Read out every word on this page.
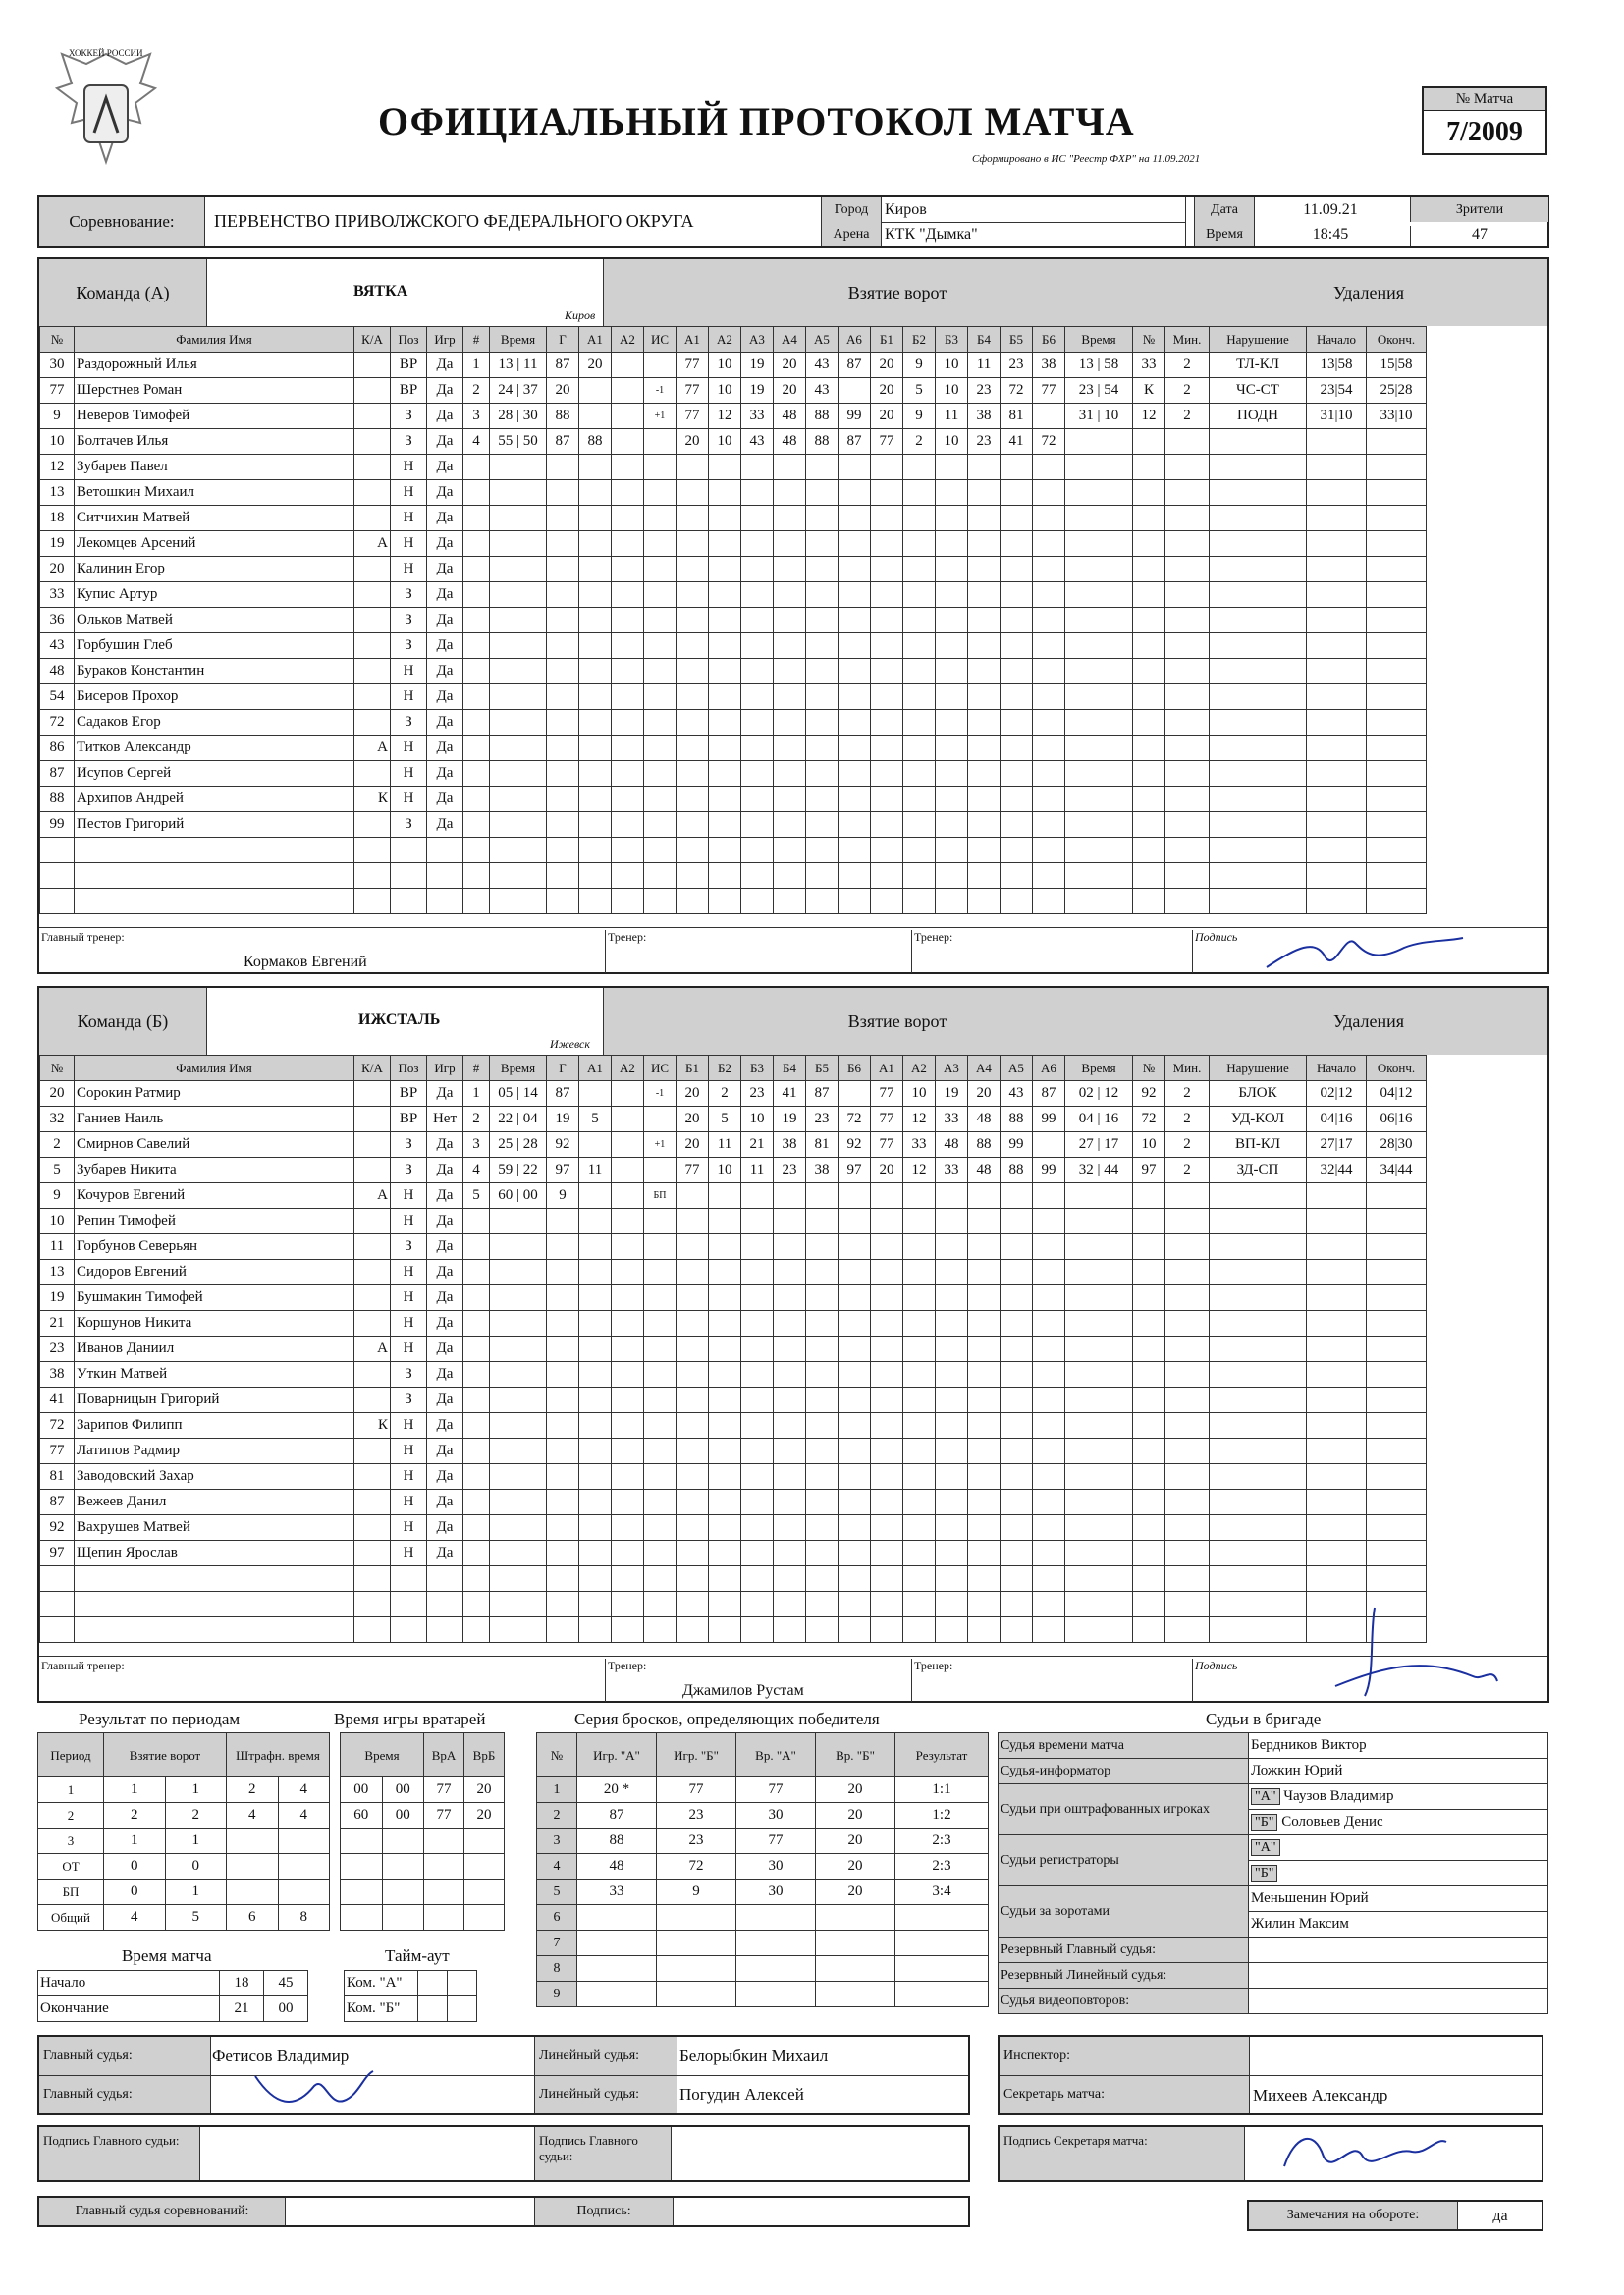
ХОККЕЙ РОССИИ
ОФИЦИАЛЬНЫЙ ПРОТОКОЛ МАТЧА
Сформировано в ИС "Реестр ФХР" на 11.09.2021
№ Матча
7/2009
Соревнование:	ПЕРВЕНСТВО ПРИВОЛЖСКОГО ФЕДЕРАЛЬНОГО ОКРУГА
Город	Киров
Арена КТК "Дымка"
Дата	11.09.21
Время	18:45
Зрители
47
Команда (А)	ВЯТКА
Киров
Взятие ворот	Удаления
№	Фамилия Имя	К/А	Поз	Игр	#	Время	Г	А1	А2	ИС	А1	А2	А3	А4	А5	А6	Б1	Б2	Б3	Б4	Б5	Б6	Время	№	Мин.	Нарушение	Начало	Оконч.
30	Раздорожный Илья		ВР	Да	1	13 | 11	87	20			77	10	19	20	43	87	20	9	10	11	23	38	13 | 58	33	2	ТЛ-КЛ	13|58	15|58
77	Шерстнев Роман		ВР	Да	2	24 | 37	20			-1	77	10	19	20	43		20	5	10	23	72	77	23 | 54	К	2	ЧС-СТ	23|54	25|28
9	Неверов Тимофей		З	Да	3	28 | 30	88			+1	77	12	33	48	88	99	20	9	11	38	81		31 | 10	12	2	ПОДН	31|10	33|10
10	Болтачев Илья		З	Да	4	55 | 50	87	88			20	10	43	48	88	87	77	2	10	23	41	72						
12	Зубарев Павел		Н	Да																								
13	Ветошкин Михаил		Н	Да																								
18	Ситчихин Матвей		Н	Да																								
19	Лекомцев Арсений	А	Н	Да																								
20	Калинин Егор		Н	Да																								
33	Купис Артур		З	Да																								
36	Ольков Матвей		З	Да																								
43	Горбушин Глеб		З	Да																								
48	Бураков Константин		Н	Да																								
54	Бисеров Прохор		Н	Да																								
72	Садаков Егор		З	Да																								
86	Титков Александр	А	Н	Да																								
87	Исупов Сергей		Н	Да																								
88	Архипов Андрей	К	Н	Да																								
99	Пестов Григорий		З	Да																								

Главный тренер:
Кормаков Евгений
Тренер:	Тренер:	Подпись
Команда (Б)	ИЖСТАЛЬ
Ижевск
Взятие ворот	Удаления
№	Фамилия Имя	К/А	Поз	Игр	#	Время	Г	А1	А2	ИС	Б1	Б2	Б3	Б4	Б5	Б6	А1	А2	А3	А4	А5	А6	Время	№	Мин.	Нарушение	Начало	Оконч.
20	Сорокин Ратмир		ВР	Да	1	05 | 14	87			-1	20	2	23	41	87		77	10	19	20	43	87	02 | 12	92	2	БЛОК	02|12	04|12
32	Ганиев Наиль		ВР	Нет	2	22 | 04	19	5			20	5	10	19	23	72	77	12	33	48	88	99	04 | 16	72	2	УД-КОЛ	04|16	06|16
2	Смирнов Савелий		З	Да	3	25 | 28	92			+1	20	11	21	38	81	92	77	33	48	88	99		27 | 17	10	2	ВП-КЛ	27|17	28|30
5	Зубарев Никита		З	Да	4	59 | 22	97	11			77	10	11	23	38	97	20	12	33	48	88	99	32 | 44	97	2	ЗД-СП	32|44	34|44
9	Кочуров Евгений	А	Н	Да	5	60 | 00	9			БП																		
10	Репин Тимофей		Н	Да																								
11	Горбунов Северьян		З	Да																								
13	Сидоров Евгений		Н	Да																								
19	Бушмакин Тимофей		Н	Да																								
21	Коршунов Никита		Н	Да																								
23	Иванов Даниил	А	Н	Да																								
38	Уткин Матвей		З	Да																								
41	Поварницын Григорий		З	Да																								
72	Зарипов Филипп	К	Н	Да																								
77	Латипов Радмир		Н	Да																								
81	Заводовский Захар		Н	Да																								
87	Вежеев Данил		Н	Да																								
92	Вахрушев Матвей		Н	Да																								
97	Щепин Ярослав		Н	Да																								

Главный тренер:	Тренер:
Джамилов Рустам
Тренер:	Подпись
Результат по периодам
Период	Взятие ворот		Штрафн. время	
1	1	1	2	4
2	2	2	4	4
3	1	1		
ОТ	0	0		
БП	0	1		
Общий	4	5	6	8
Время игры вратарей
Время		ВрА	ВрБ
00	00	77	20
60	00	77	20

Серия бросков, определяющих победителя
№	Игр. "А"	Игр. "Б"	Вр. "А"	Вр. "Б"	Результат
1	20 *	77	77	20	1:1
2	87	23	30	20	1:2
3	88	23	77	20	2:3
4	48	72	30	20	2:3
5	33	9	30	20	3:4
6					
7					
8					
9					
Время матча
Начало	18	45
Окончание	21	00
Тайм-аут
Ком. "А"		
Ком. "Б"		
Судьи в бригаде
Судья времени матча	Бердников Виктор
Судья-информатор	Ложкин Юрий
Судьи при оштрафованных игроках	"А" Чаузов Владимир
	"Б" Соловьев Денис
Судьи регистраторы	"А"
	"Б"
Судьи за воротами	Меньшенин Юрий
	Жилин Максим
Резервный Главный судья:	
Резервный Линейный судья:	
Судья видеоповторов:	
Главный судья:	Фетисов Владимир
Главный судья:
Линейный судья:	Белорыбкин Михаил
Линейный судья:	Погудин Алексей
Инспектор:
Секретарь матча:	Михеев Александр
Подпись Главного судьи:	Подпись Главного судьи:
Подпись Секретаря матча:
Главный судья соревнований:	Подпись:	Замечания на обороте:	да
